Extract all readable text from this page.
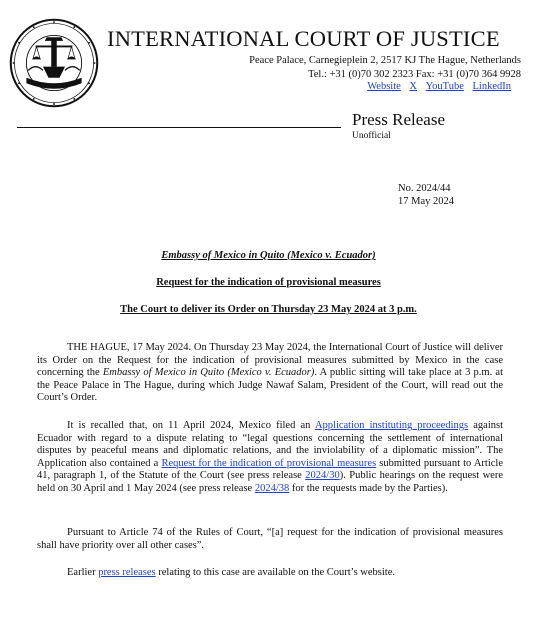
INTERNATIONAL COURT OF JUSTICE
Peace Palace, Carnegieplein 2, 2517 KJ The Hague, Netherlands
Tel.: +31 (0)70 302 2323 Fax: +31 (0)70 364 9928
Website X YouTube LinkedIn
Press Release
Unofficial
No. 2024/44
17 May 2024
Embassy of Mexico in Quito (Mexico v. Ecuador)
Request for the indication of provisional measures
The Court to deliver its Order on Thursday 23 May 2024 at 3 p.m.
THE HAGUE, 17 May 2024. On Thursday 23 May 2024, the International Court of Justice will deliver its Order on the Request for the indication of provisional measures submitted by Mexico in the case concerning the Embassy of Mexico in Quito (Mexico v. Ecuador). A public sitting will take place at 3 p.m. at the Peace Palace in The Hague, during which Judge Nawaf Salam, President of the Court, will read out the Court’s Order.
It is recalled that, on 11 April 2024, Mexico filed an Application instituting proceedings against Ecuador with regard to a dispute relating to “legal questions concerning the settlement of international disputes by peaceful means and diplomatic relations, and the inviolability of a diplomatic mission”. The Application also contained a Request for the indication of provisional measures submitted pursuant to Article 41, paragraph 1, of the Statute of the Court (see press release 2024/30). Public hearings on the request were held on 30 April and 1 May 2024 (see press release 2024/38 for the requests made by the Parties).
Pursuant to Article 74 of the Rules of Court, “[a] request for the indication of provisional measures shall have priority over all other cases”.
Earlier press releases relating to this case are available on the Court’s website.
